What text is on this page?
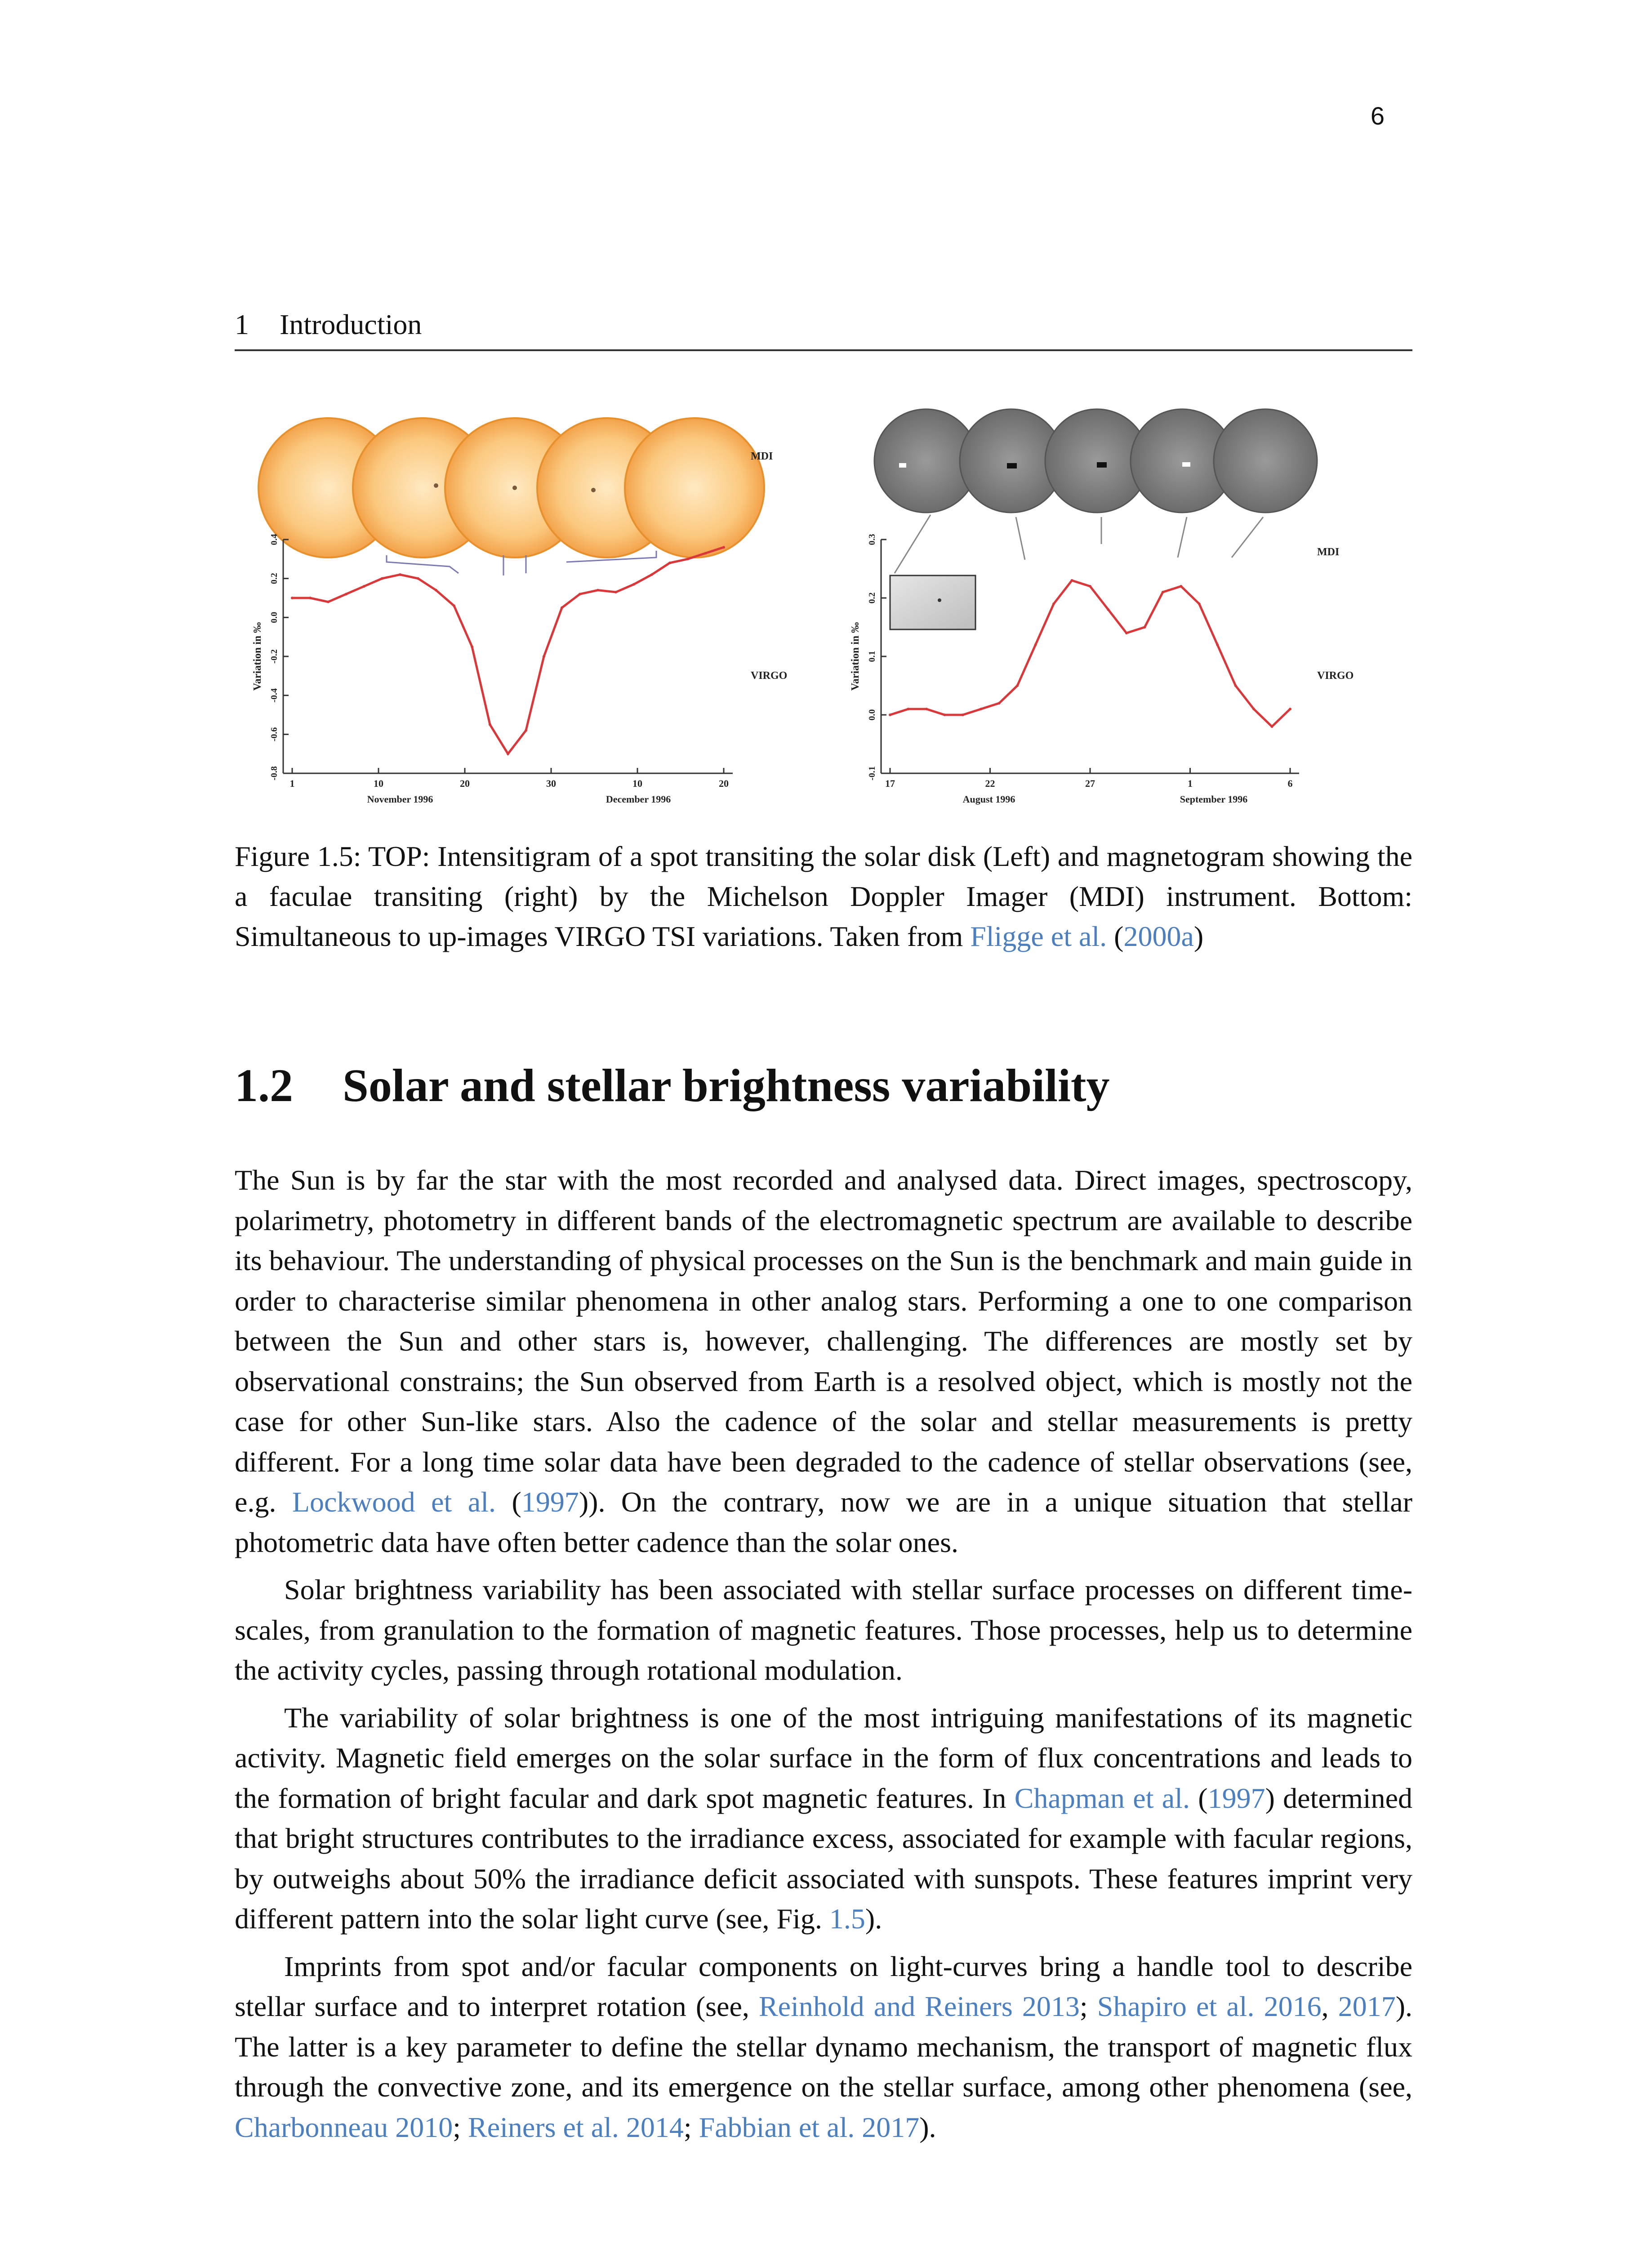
6
1 Introduction
MDI
VIRGO
-0.8
-0.6
-0.4
-0.2
0.0
0.2
0.4
1	10	20	30	10	20
November 1996	December 1996
Variation in ‰
MDI
VIRGO
-0.1
0.0
0.1
0.2
0.3
17	22	27	1	6
August 1996	September 1996
Variation in ‰
Figure 1.5: TOP: Intensitigram of a spot transiting the solar disk (Left) and magnetogram showing the a faculae transiting (right) by the Michelson Doppler Imager (MDI) instrument. Bottom: Simultaneous to up-images VIRGO TSI variations. Taken from Fligge et al. (2000a)
1.2 Solar and stellar brightness variability

The Sun is by far the star with the most recorded and analysed data. Direct images, spectroscopy, polarimetry, photometry in different bands of the electromagnetic spectrum are available to describe its behaviour. The understanding of physical processes on the Sun is the benchmark and main guide in order to characterise similar phenomena in other analog stars. Performing a one to one comparison between the Sun and other stars is, however, challenging. The differences are mostly set by observational constrains; the Sun observed from Earth is a resolved object, which is mostly not the case for other Sun-like stars. Also the cadence of the solar and stellar measurements is pretty different. For a long time solar data have been degraded to the cadence of stellar observations (see, e.g. Lockwood et al. (1997)). On the contrary, now we are in a unique situation that stellar photometric data have often better cadence than the solar ones.

Solar brightness variability has been associated with stellar surface processes on different time-scales, from granulation to the formation of magnetic features. Those processes, help us to determine the activity cycles, passing through rotational modulation.

The variability of solar brightness is one of the most intriguing manifestations of its magnetic activity. Magnetic field emerges on the solar surface in the form of flux concentrations and leads to the formation of bright facular and dark spot magnetic features. In Chapman et al. (1997) determined that bright structures contributes to the irradiance excess, associated for example with facular regions, by outweighs about 50% the irradiance deficit associated with sunspots. These features imprint very different pattern into the solar light curve (see, Fig. 1.5).

Imprints from spot and/or facular components on light-curves bring a handle tool to describe stellar surface and to interpret rotation (see, Reinhold and Reiners 2013; Shapiro et al. 2016, 2017). The latter is a key parameter to define the stellar dynamo mechanism, the transport of magnetic flux through the convective zone, and its emergence on the stellar surface, among other phenomena (see, Charbonneau 2010; Reiners et al. 2014; Fabbian et al. 2017).
